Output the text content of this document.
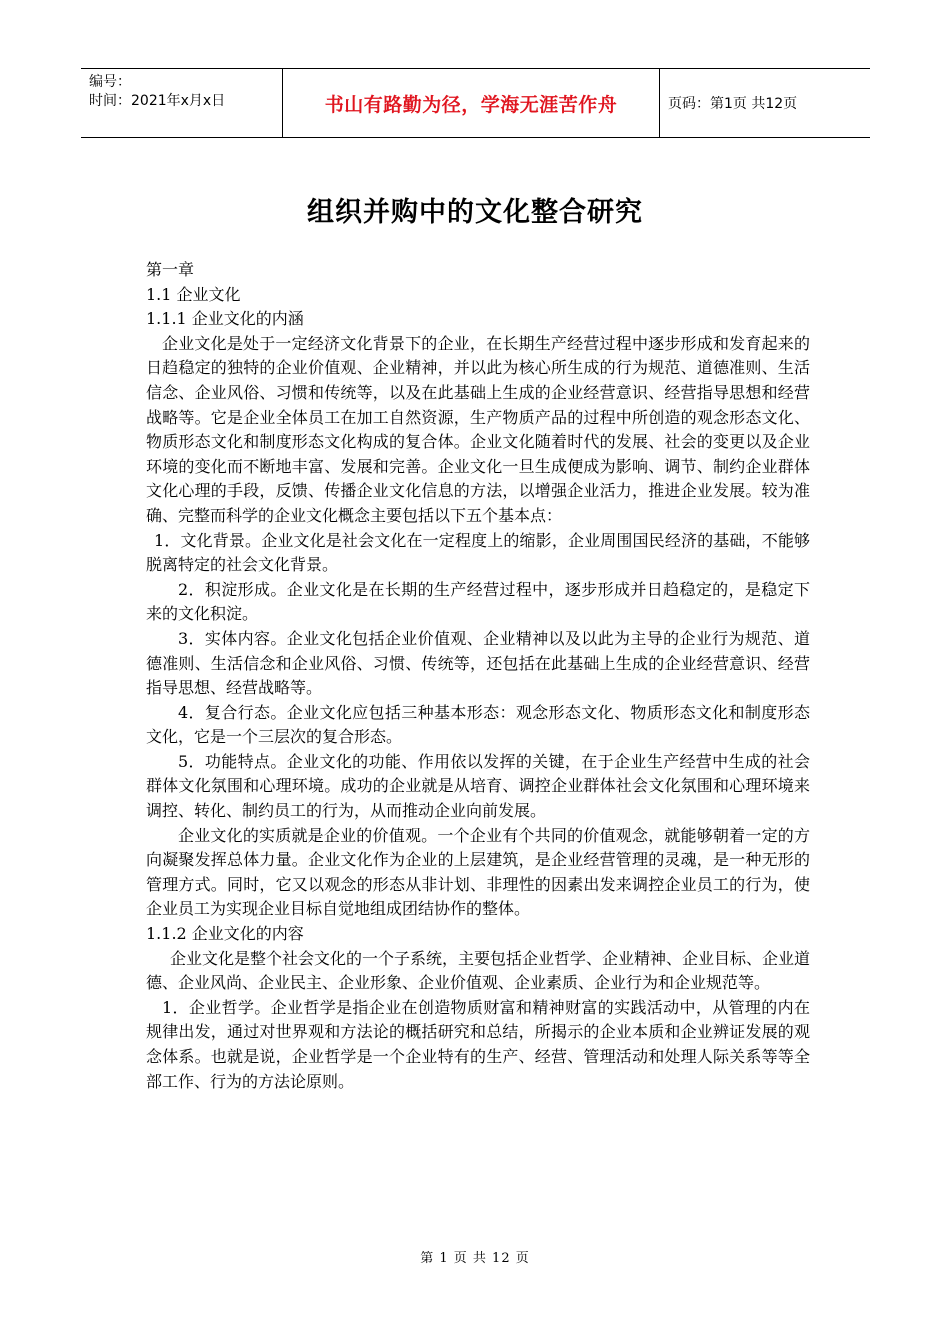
编号：
时间：2021年x月x日	书山有路勤为径，学海无涯苦作舟	页码：第1页 共12页
组织并购中的文化整合研究

第一章

1.1 企业文化

1.1.1 企业文化的内涵

企业文化是处于一定经济文化背景下的企业，在长期生产经营过程中逐步形成和发育起来的日趋稳定的独特的企业价值观、企业精神，并以此为核心所生成的行为规范、道德准则、生活信念、企业风俗、习惯和传统等，以及在此基础上生成的企业经营意识、经营指导思想和经营战略等。它是企业全体员工在加工自然资源，生产物质产品的过程中所创造的观念形态文化、物质形态文化和制度形态文化构成的复合体。企业文化随着时代的发展、社会的变更以及企业环境的变化而不断地丰富、发展和完善。企业文化一旦生成便成为影响、调节、制约企业群体文化心理的手段，反馈、传播企业文化信息的方法，以增强企业活力，推进企业发展。较为准确、完整而科学的企业文化概念主要包括以下五个基本点：

1．文化背景。企业文化是社会文化在一定程度上的缩影，企业周围国民经济的基础，不能够脱离特定的社会文化背景。

2．积淀形成。企业文化是在长期的生产经营过程中，逐步形成并日趋稳定的，是稳定下来的文化积淀。

3．实体内容。企业文化包括企业价值观、企业精神以及以此为主导的企业行为规范、道德准则、生活信念和企业风俗、习惯、传统等，还包括在此基础上生成的企业经营意识、经营指导思想、经营战略等。

4．复合行态。企业文化应包括三种基本形态：观念形态文化、物质形态文化和制度形态文化，它是一个三层次的复合形态。

5．功能特点。企业文化的功能、作用依以发挥的关键，在于企业生产经营中生成的社会群体文化氛围和心理环境。成功的企业就是从培育、调控企业群体社会文化氛围和心理环境来调控、转化、制约员工的行为，从而推动企业向前发展。

企业文化的实质就是企业的价值观。一个企业有个共同的价值观念，就能够朝着一定的方向凝聚发挥总体力量。企业文化作为企业的上层建筑，是企业经营管理的灵魂，是一种无形的管理方式。同时，它又以观念的形态从非计划、非理性的因素出发来调控企业员工的行为，使企业员工为实现企业目标自觉地组成团结协作的整体。

1.1.2 企业文化的内容

企业文化是整个社会文化的一个子系统，主要包括企业哲学、企业精神、企业目标、企业道德、企业风尚、企业民主、企业形象、企业价值观、企业素质、企业行为和企业规范等。

1．企业哲学。企业哲学是指企业在创造物质财富和精神财富的实践活动中，从管理的内在规律出发，通过对世界观和方法论的概括研究和总结，所揭示的企业本质和企业辨证发展的观念体系。也就是说，企业哲学是一个企业特有的生产、经营、管理活动和处理人际关系等等全部工作、行为的方法论原则。

第 1 页 共 12 页
